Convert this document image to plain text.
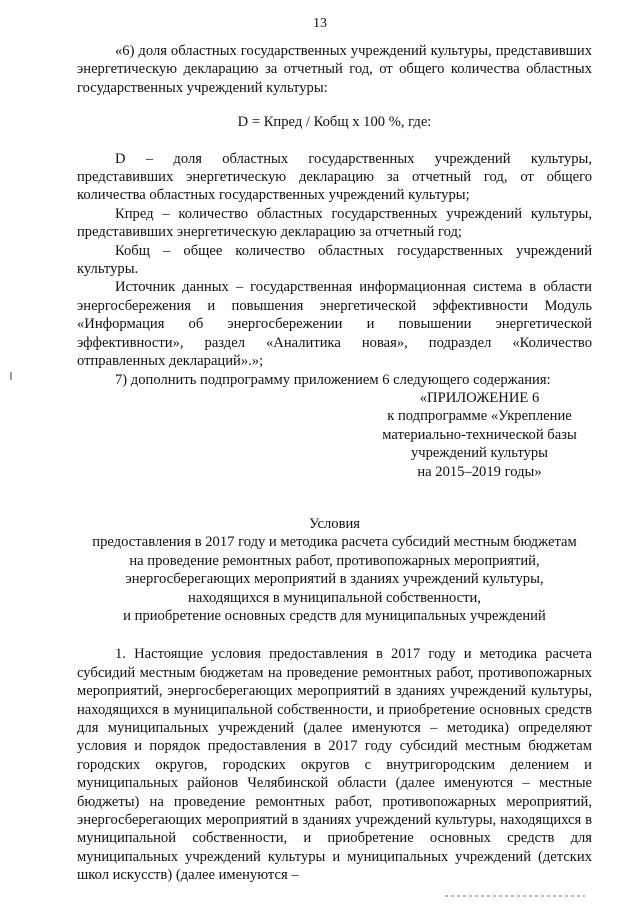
13

«6) доля областных государственных учреждений культуры, представивших энергетическую декларацию за отчетный год, от общего количества областных государственных учреждений культуры:

D = Кпред / Кобщ x 100 %, где:

D – доля областных государственных учреждений культуры, представивших энергетическую декларацию за отчетный год, от общего количества областных государственных учреждений культуры;

Кпред – количество областных государственных учреждений культуры, представивших энергетическую декларацию за отчетный год;

Кобщ – общее количество областных государственных учреждений культуры.

Источник данных – государственная информационная система в области энергосбережения и повышения энергетической эффективности Модуль «Информация об энергосбережении и повышении энергетической эффективности», раздел «Аналитика новая», подраздел «Количество отправленных деклараций».»;

7) дополнить подпрограмму приложением 6 следующего содержания:

«ПРИЛОЖЕНИЕ 6
к подпрограмме «Укрепление
материально-технической базы
учреждений культуры
на 2015–2019 годы»
Условия
предоставления в 2017 году и методика расчета субсидий местным бюджетам
на проведение ремонтных работ, противопожарных мероприятий,
энергосберегающих мероприятий в зданиях учреждений культуры,
находящихся в муниципальной собственности,
и приобретение основных средств для муниципальных учреждений

1. Настоящие условия предоставления в 2017 году и методика расчета субсидий местным бюджетам на проведение ремонтных работ, противопожарных мероприятий, энергосберегающих мероприятий в зданиях учреждений культуры, находящихся в муниципальной собственности, и приобретение основных средств для муниципальных учреждений (далее именуются – методика) определяют условия и порядок предоставления в 2017 году субсидий местным бюджетам городских округов, городских округов с внутригородским делением и муниципальных районов Челябинской области (далее именуются – местные бюджеты) на проведение ремонтных работ, противопожарных мероприятий, энергосберегающих мероприятий в зданиях учреждений культуры, находящихся в муниципальной собственности, и приобретение основных средств для муниципальных учреждений культуры и муниципальных учреждений (детских школ искусств) (далее именуются –
